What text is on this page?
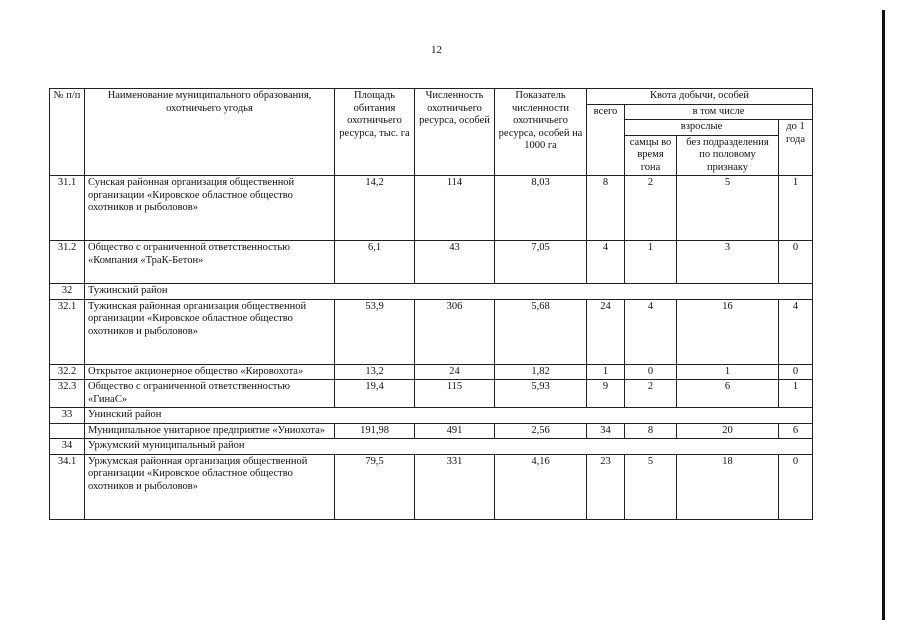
12
№ п/п	Наименование муниципального образования, охотничьего угодья	Площадь обитания охотничьего ресурса, тыс. га	Численность охотничьего ресурса, особей	Показатель численности охотничьего ресурса, особей на 1000 га	Квота добычи, особей			
					всего	в том числе		
						взрослые		до 1 года
						самцы во время гона	без подразделения по половому признаку	
31.1	Сунская районная организация общественной организации «Кировское областное общество охотников и рыболовов»	14,2	114	8,03	8	2	5	1
31.2	Общество с ограниченной ответственностью «Компания «ТраК-Бетон»	6,1	43	7,05	4	1	3	0
32	Тужинский район							
32.1	Тужинская районная организация общественной организации «Кировское областное общество охотников и рыболовов»	53,9	306	5,68	24	4	16	4
32.2	Открытое акционерное общество «Кировохота»	13,2	24	1,82	1	0	1	0
32.3	Общество с ограниченной ответственностью «ГинаС»	19,4	115	5,93	9	2	6	1
33	Унинский район							
	Муниципальное унитарное предприятие «Униохота»	191,98	491	2,56	34	8	20	6
34	Уржумский муниципальный район							
34.1	Уржумская районная организация общественной организации «Кировское областное общество охотников и рыболовов»	79,5	331	4,16	23	5	18	0
